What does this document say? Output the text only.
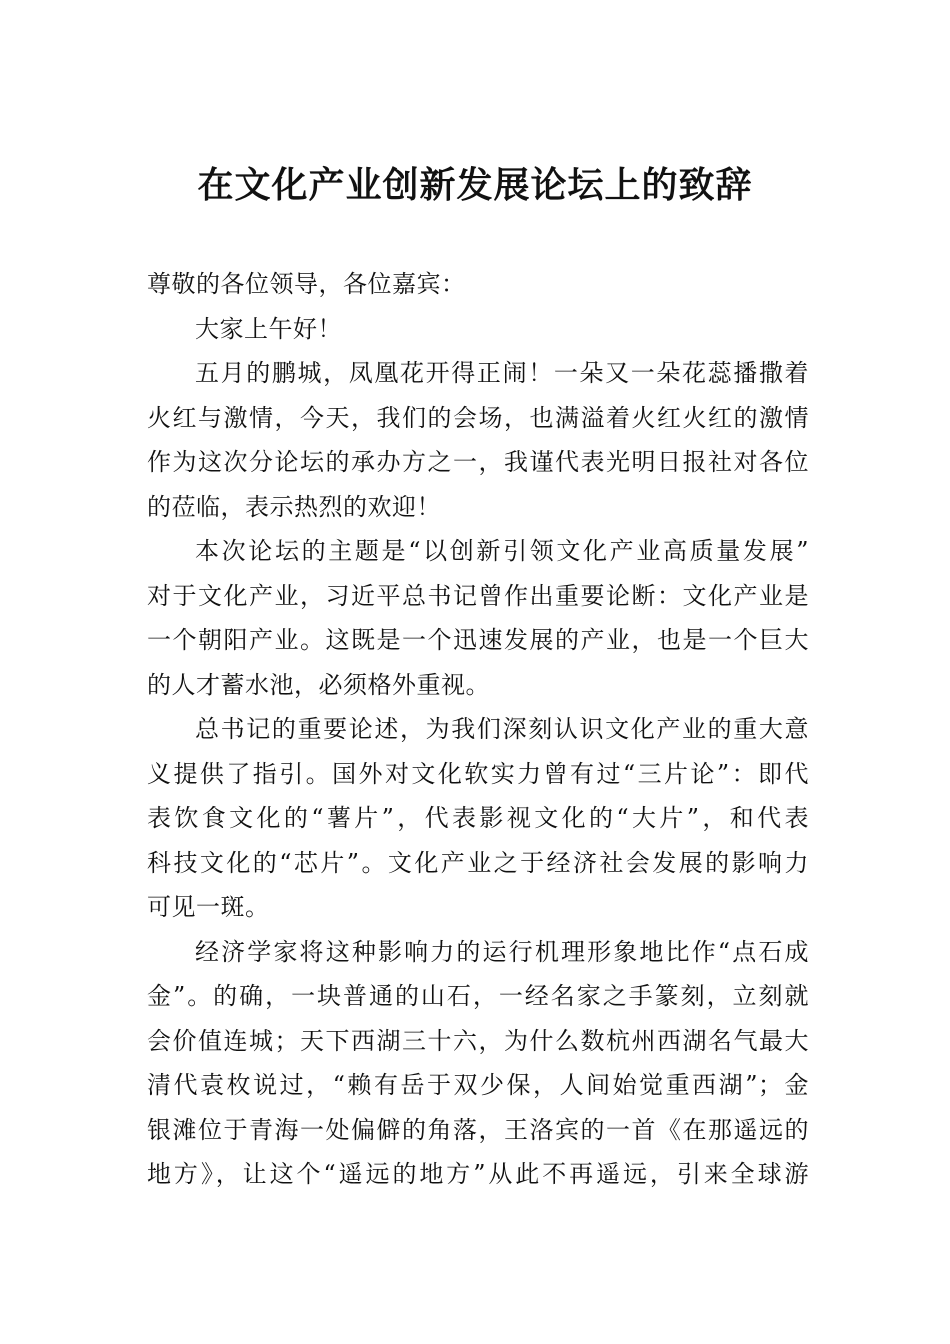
在文化产业创新发展论坛上的致辞
尊敬的各位领导，各位嘉宾：
大家上午好！
五月的鹏城，凤凰花开得正闹！一朵又一朵花蕊播撒着
火红与激情，今天，我们的会场，也满溢着火红火红的激情
作为这次分论坛的承办方之一，我谨代表光明日报社对各位
的莅临，表示热烈的欢迎！
本次论坛的主题是“以创新引领文化产业高质量发展”
对于文化产业，习近平总书记曾作出重要论断：文化产业是
一个朝阳产业。这既是一个迅速发展的产业，也是一个巨大
的人才蓄水池，必须格外重视。
总书记的重要论述，为我们深刻认识文化产业的重大意
义提供了指引。国外对文化软实力曾有过“三片论”：即代
表饮食文化的“薯片”，代表影视文化的“大片”，和代表
科技文化的“芯片”。文化产业之于经济社会发展的影响力
可见一斑。
经济学家将这种影响力的运行机理形象地比作“点石成
金”。的确，一块普通的山石，一经名家之手篆刻，立刻就
会价值连城；天下西湖三十六，为什么数杭州西湖名气最大
清代袁枚说过，“赖有岳于双少保，人间始觉重西湖”；金
银滩位于青海一处偏僻的角落，王洛宾的一首《在那遥远的
地方》，让这个“遥远的地方”从此不再遥远，引来全球游
